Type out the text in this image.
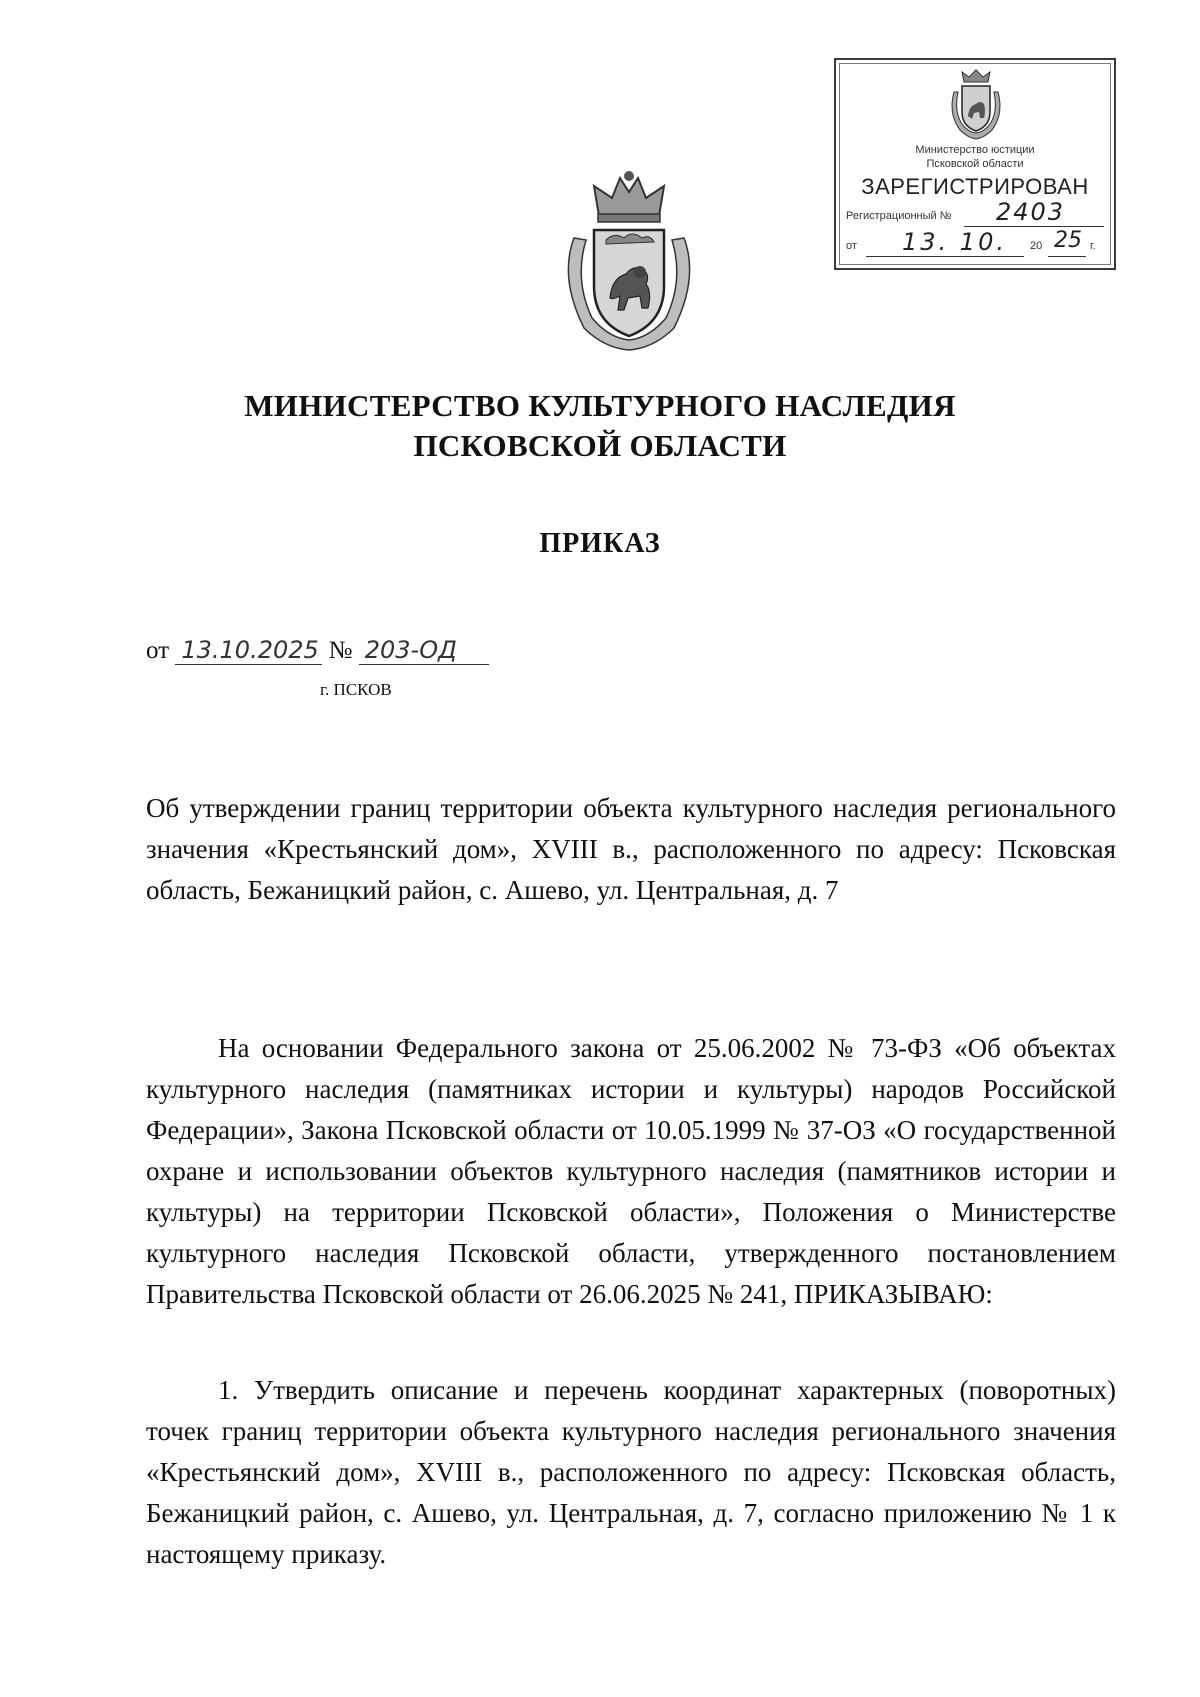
Министерство юстиции
Псковской области
ЗАРЕГИСТРИРОВАН
Регистрационный № 2403
от 13. 10. 20 25 г.
МИНИСТЕРСТВО КУЛЬТУРНОГО НАСЛЕДИЯ
ПСКОВСКОЙ ОБЛАСТИ
ПРИКАЗ
от 13.10.2025 № 203-ОД
г. ПСКОВ
Об утверждении границ территории объекта культурного наследия регионального значения «Крестьянский дом», XVIII в., расположенного по адресу: Псковская область, Бежаницкий район, с. Ашево, ул. Центральная, д. 7
На основании Федерального закона от 25.06.2002 № 73-ФЗ «Об объектах культурного наследия (памятниках истории и культуры) народов Российской Федерации», Закона Псковской области от 10.05.1999 № 37-ОЗ «О государственной охране и использовании объектов культурного наследия (памятников истории и культуры) на территории Псковской области», Положения о Министерстве культурного наследия Псковской области, утвержденного постановлением Правительства Псковской области от 26.06.2025 № 241, ПРИКАЗЫВАЮ:
1. Утвердить описание и перечень координат характерных (поворотных) точек границ территории объекта культурного наследия регионального значения «Крестьянский дом», XVIII в., расположенного по адресу: Псковская область, Бежаницкий район, с. Ашево, ул. Центральная, д. 7, согласно приложению № 1 к настоящему приказу.
